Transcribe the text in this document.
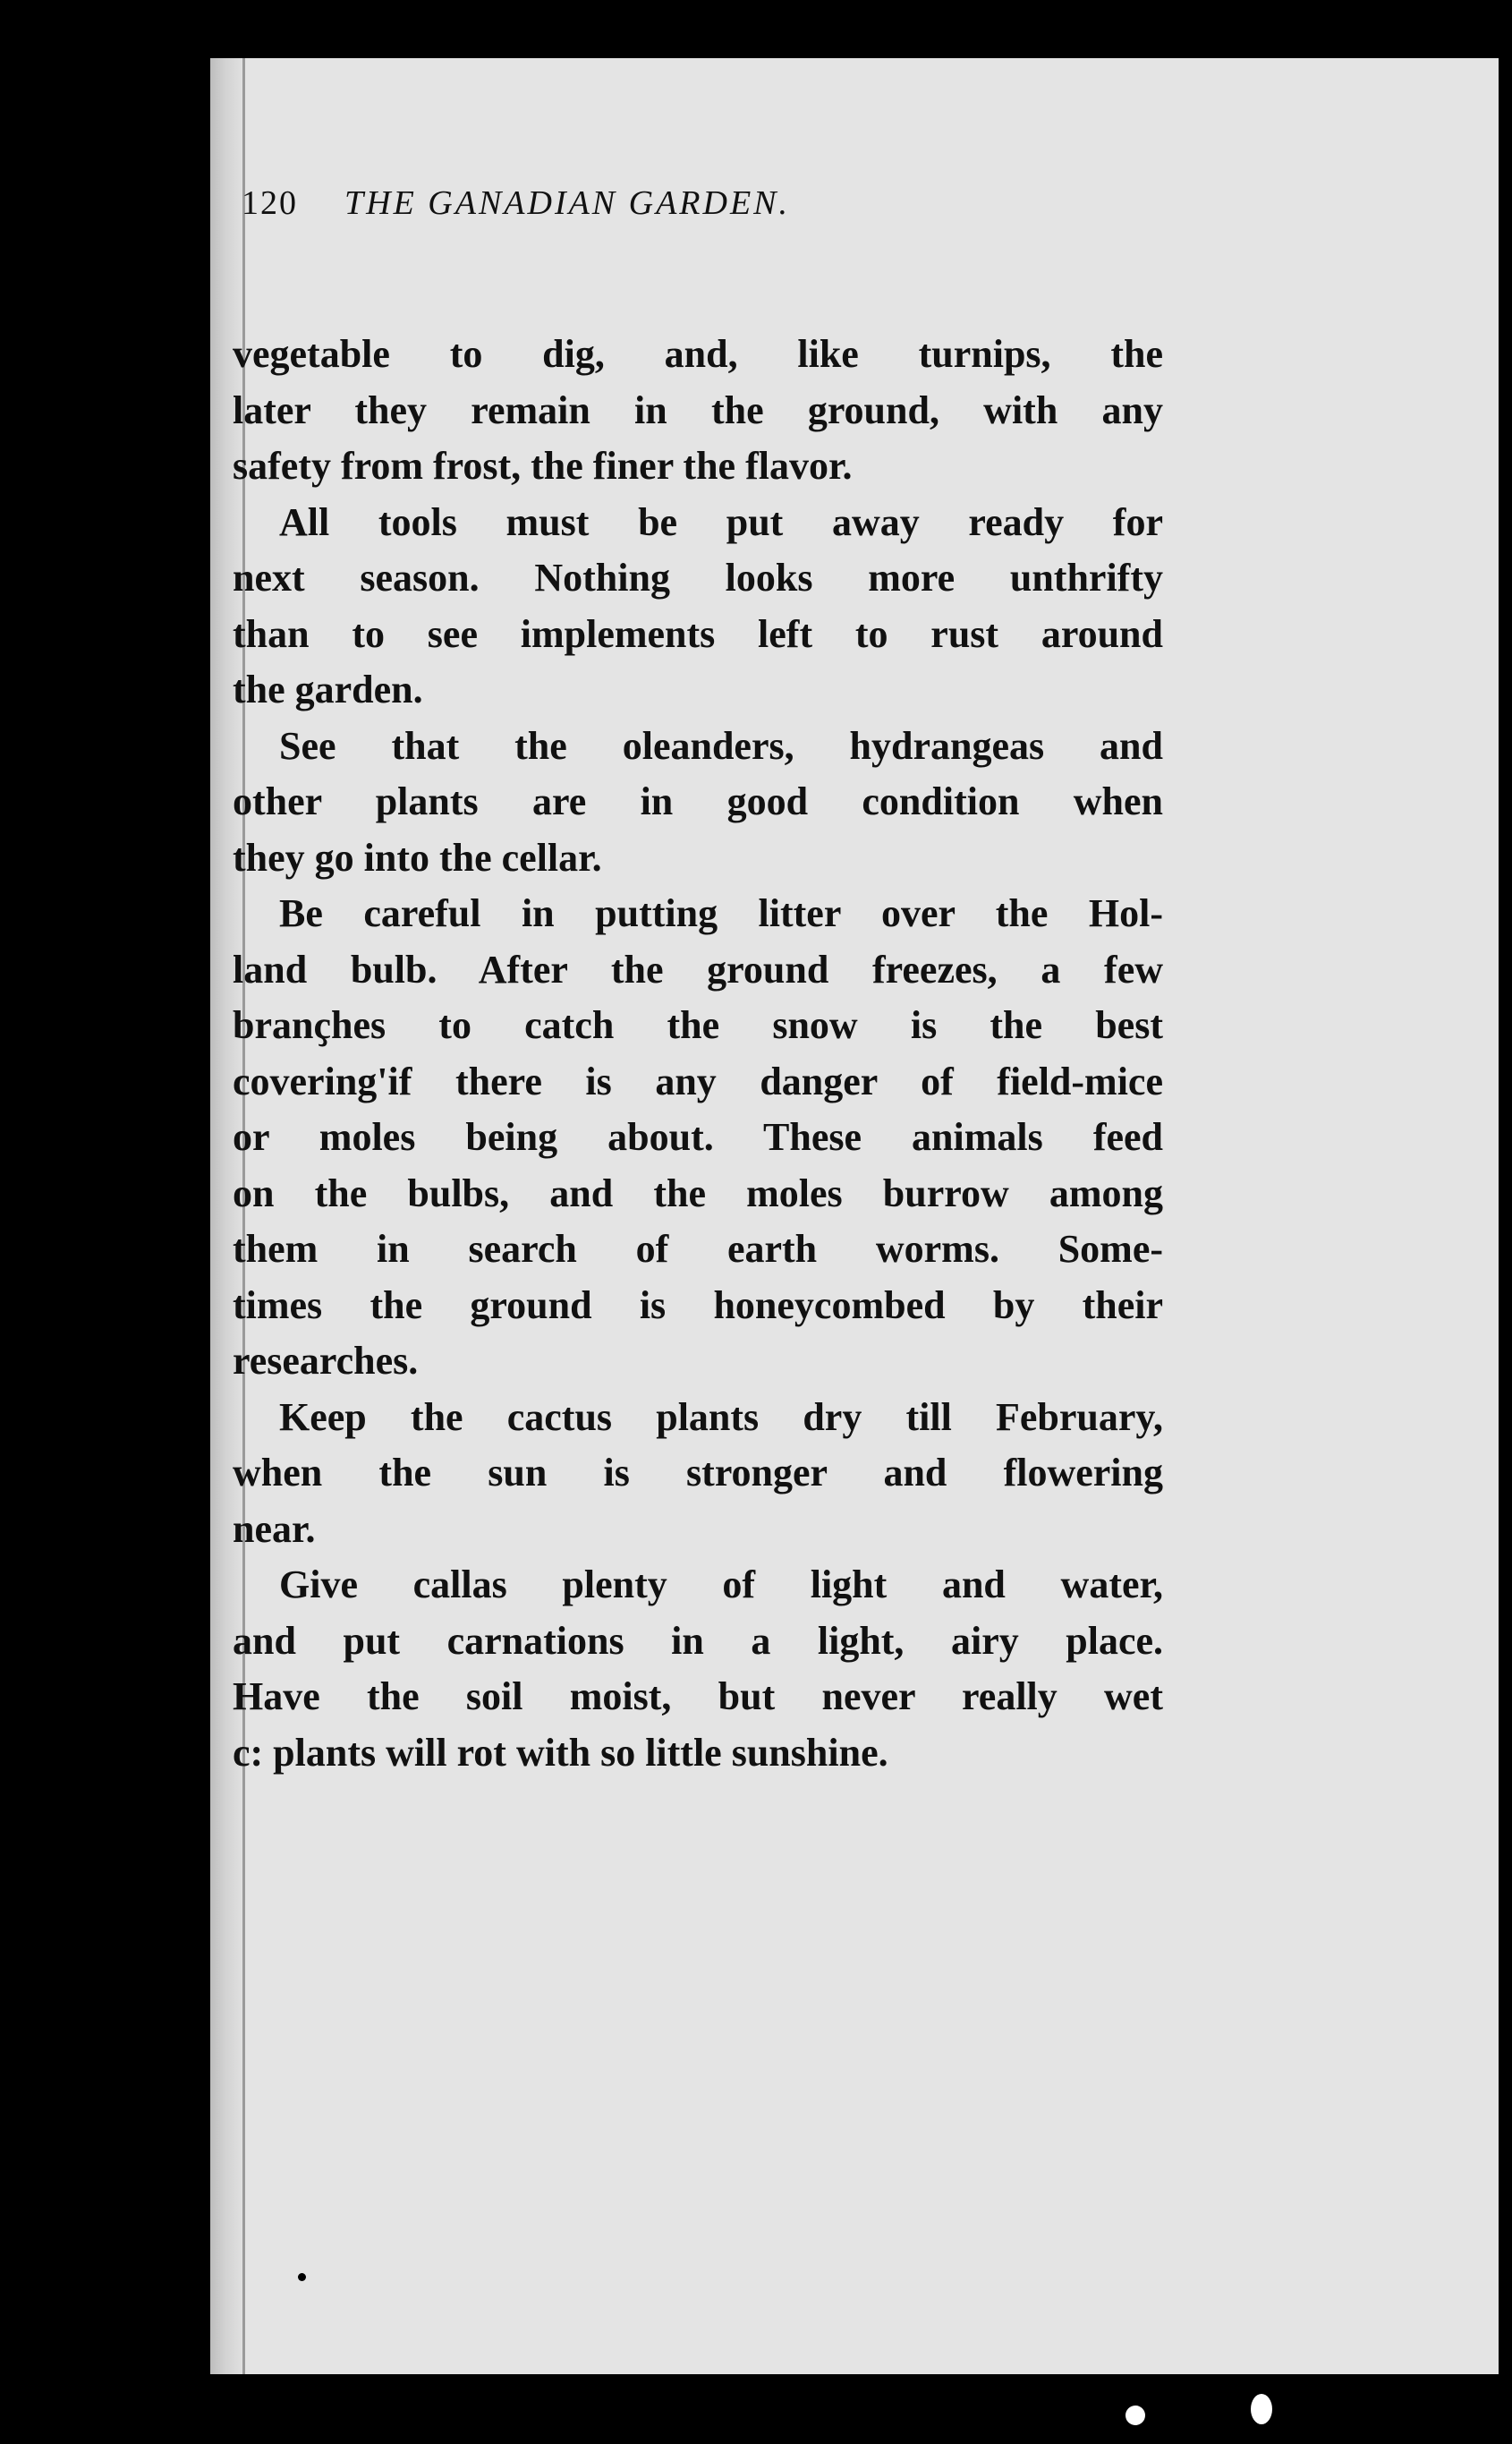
120 THE GANADIAN GARDEN.
vegetable to dig, and, like turnips, the
later they remain in the ground, with any
safety from frost, the finer the flavor.
All tools must be put away ready for
next season. Nothing looks more unthrifty
than to see implements left to rust around
the garden.
See that the oleanders, hydrangeas and
other plants are in good condition when
they go into the cellar.
Be careful in putting litter over the Hol-
land bulb. After the ground freezes, a few
branҫhes to catch the snow is the best
covering'if there is any danger of field-mice
or moles being about. These animals feed
on the bulbs, and the moles burrow among
them in search of earth worms. Some-
times the ground is honeycombed by their
researches.
Keep the cactus plants dry till February,
when the sun is stronger and flowering
near.
Give callas plenty of light and water,
and put carnations in a light, airy place.
Have the soil moist, but never really wet
c: plants will rot with so little sunshine.
